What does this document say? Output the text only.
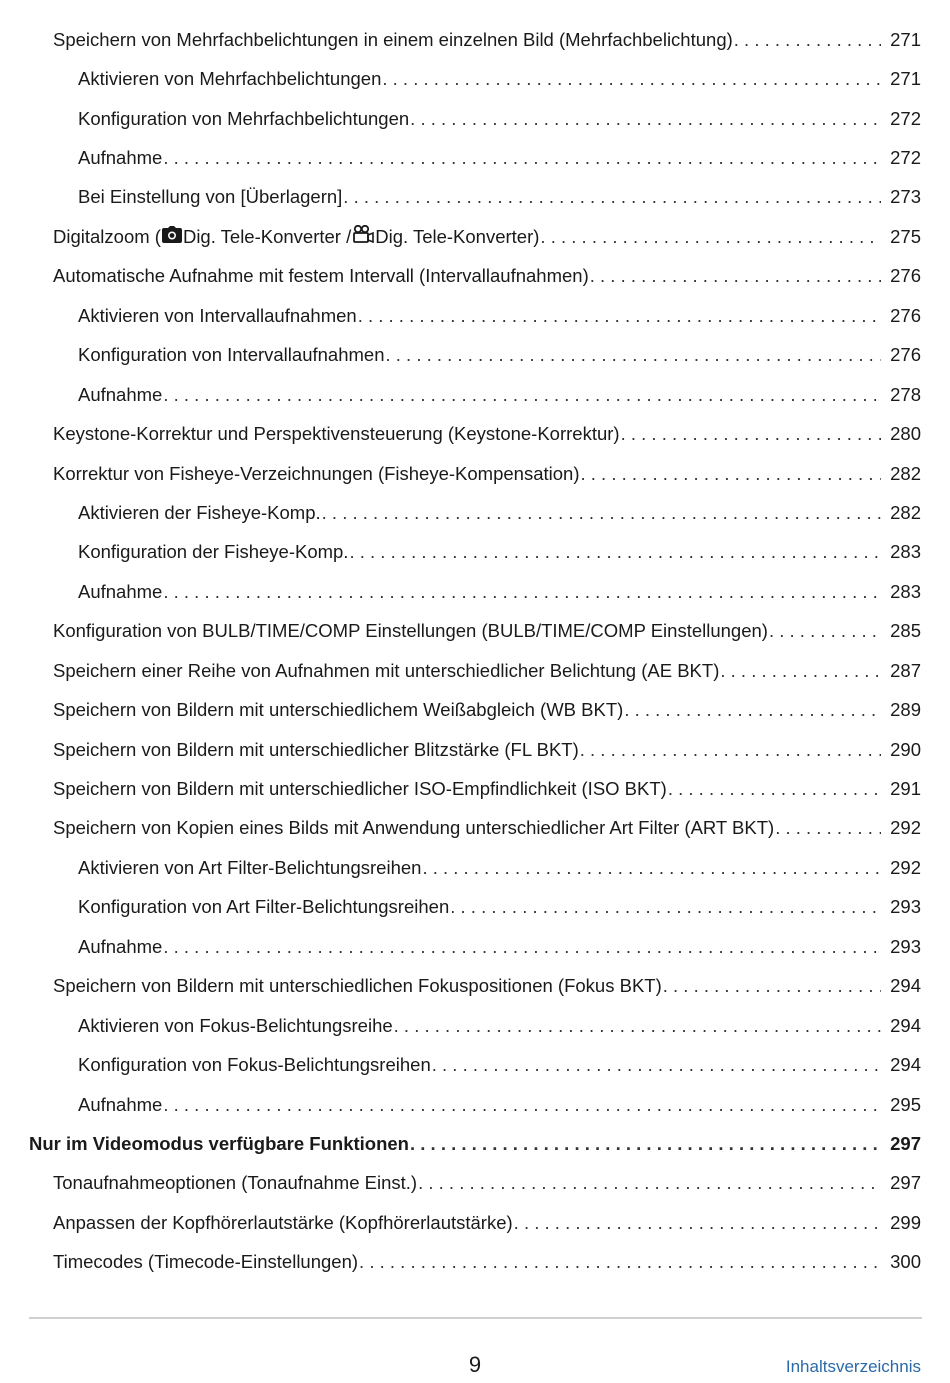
Speichern von Mehrfachbelichtungen in einem einzelnen Bild (Mehrfachbelichtung) . . .	271
Aktivieren von Mehrfachbelichtungen . . .	271
Konfiguration von Mehrfachbelichtungen . . .	272
Aufnahme . . .	272
Bei Einstellung von [Überlagern] . . .	273
Digitalzoom ( Dig. Tele-Konverter / Dig. Tele-Konverter) . . .	275
Automatische Aufnahme mit festem Intervall (Intervallaufnahmen) . . .	276
Aktivieren von Intervallaufnahmen . . .	276
Konfiguration von Intervallaufnahmen . . .	276
Aufnahme . . .	278
Keystone-Korrektur und Perspektivensteuerung (Keystone-Korrektur) . . .	280
Korrektur von Fisheye-Verzeichnungen (Fisheye-Kompensation) . . .	282
Aktivieren der Fisheye-Komp. . . .	282
Konfiguration der Fisheye-Komp. . . .	283
Aufnahme . . .	283
Konfiguration von BULB/TIME/COMP Einstellungen (BULB/TIME/COMP Einstellungen) . . .	285
Speichern einer Reihe von Aufnahmen mit unterschiedlicher Belichtung (AE BKT) . . .	287
Speichern von Bildern mit unterschiedlichem Weißabgleich (WB BKT) . . .	289
Speichern von Bildern mit unterschiedlicher Blitzstärke (FL BKT) . . .	290
Speichern von Bildern mit unterschiedlicher ISO-Empfindlichkeit (ISO BKT) . . .	291
Speichern von Kopien eines Bilds mit Anwendung unterschiedlicher Art Filter (ART BKT) . . .	292
Aktivieren von Art Filter-Belichtungsreihen . . .	292
Konfiguration von Art Filter-Belichtungsreihen . . .	293
Aufnahme . . .	293
Speichern von Bildern mit unterschiedlichen Fokuspositionen (Fokus BKT) . . .	294
Aktivieren von Fokus-Belichtungsreihe . . .	294
Konfiguration von Fokus-Belichtungsreihen . . .	294
Aufnahme . . .	295
Nur im Videomodus verfügbare Funktionen . . .	297
Tonaufnahmeoptionen (Tonaufnahme Einst.) . . .	297
Anpassen der Kopfhörerlautstärke (Kopfhörerlautstärke) . . .	299
Timecodes (Timecode-Einstellungen) . . .	300
9	Inhaltsverzeichnis
